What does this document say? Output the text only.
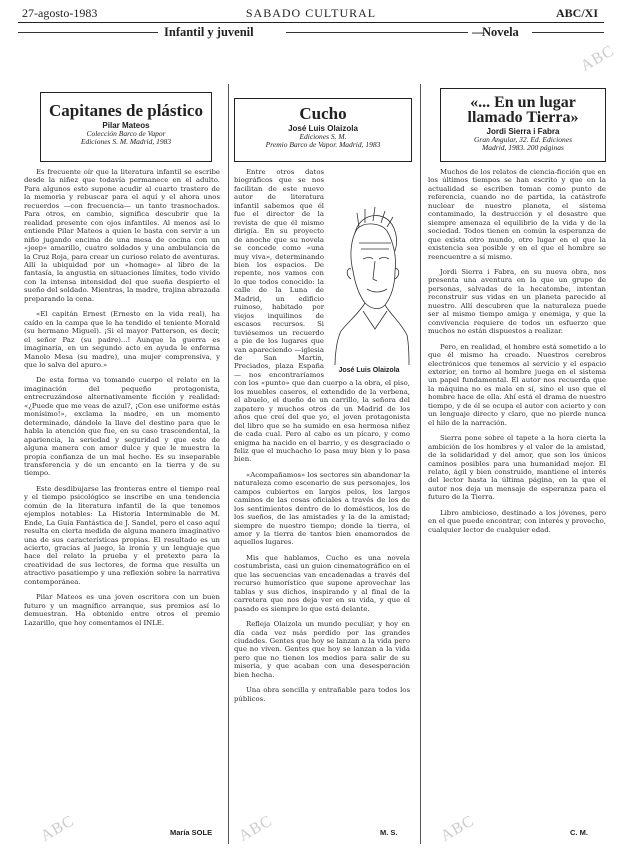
27-agosto-1983	SABADO CULTURAL	ABC/XI
Infantil y juvenil	—
Novela
Capitanes de plástico
Pilar Mateos
Colección Barco de Vapor
Ediciones S. M. Madrid, 1983
Cucho
José Luis Olaizola
Ediciones S. M.
Premio Barco de Vapor. Madrid, 1983
«... En un lugar llamado Tierra»
Jordi Sierra i Fabra
Gran Angular, 32. Ed. Ediciones
Madrid, 1983. 200 páginas

Es frecuente oír que la literatura infantil se escribe desde la niñez que todavía permanece en el adulto. Para algunos esto supone acudir al cuarto trastero de la memoria y rebuscar para el aquí y el ahora unos recuerdos —con frecuencia— un tanto trasnochados. Para otros, en cambio, significa descubrir que la realidad presente con ojos infantiles. Al menos así lo entiende Pilar Mateos a quien le basta con servir a un niño jugando encima de una mesa de cocina con un «jeep» amarillo, cuatro soldados y una ambulancia de la Cruz Roja, para crear un curioso relato de aventuras. Allí la ubiquidad por un «homage» al libro de la fantasía, la angustia en situaciones límites, todo vivido con la intensa intensidad del que sueña despierto el sueño del soldado. Mientras, la madre, trajina abrazada preparando la cena.

«El capitán Ernest (Ernesto en la vida real), ha caído en la campa que le ha tendido el teniente Morald (su hermano Miguel). ¡Si el mayor Patterson, es decir, el señor Paz (su padre)...! Aunque la guerra es imaginaria, en un segundo acto en ayuda le enferma Manolo Mesa (su madre), una mujer comprensiva, y que lo salva del apuro.»

De esta forma va tomando cuerpo el relato en la imaginación del pequeño protagonista, entrecruzándose alternativamente ficción y realidad: «¿Puede que me veas de azul?, ¡Con ese uniforme estás monísimo!», exclama la madre, en un momento determinado, dándole la llave del destino para que le habla la atención que fue, en su caso trascendental, la apariencia, la seriedad y seguridad y que este de alguna manera con amor dulce y que le muestra la propia confianza de un mal hecho. Es su inseparable transferencia y de un encanto en la tierra y de su tiempo.

Este desdibujarse las fronteras entre el tiempo real y el tiempo psicológico se inscribe en una tendencia común de la literatura infantil de la que tenemos ejemplos notables: La Historia Interminable de M. Ende, La Guía Fantástica de J. Sandel, pero el caso aquí resulta en cierta medida de alguna manera imaginativo una de sus características propias. El resultado es un acierto, gracias al juego, la ironía y un lenguaje que hace del relato la prueba y el pretexto para la creatividad de sus lectores, de forma que resulta un atractivo pasatiempo y una reflexión sobre la narrativa contemporánea.

Pilar Mateos es una joven escritora con un buen futuro y un magnífico arranque, sus premios así lo demuestran. Ha obtenido entre otros el premio Lazarillo, que hoy comentamos el INLE.

María SOLE

Entre otros datos biográficos que se nos facilitan de este nuevo autor de literatura infantil sabemos que él fue el director de la revista de que él mismo dirigía. En su proyecto de anoche que su novela se concede como «una muy viva», determinando bien los espacios. De repente, nos vamos con lo que todos conocido: la calle de la Luna de Madrid, un edificio ruinoso, habitado por viejos inquilinos de escasos recursos. Si tuviésemos un recuerdo a pie de los lugares que van apareciendo —iglesia de San Martín, Preciados, plaza España— nos encontraríamos con los «punto» que dan cuerpo a la obra, el piso, los muebles caseros, el extendido de la verbena, el abuelo, el dueño de un carrillo, la señora del zapatero y muchos otros de un Madrid de los años que creí del que yo, el joven protagonista del libro que se ha sumido en esa hermosa niñez de cada cual. Pero al cabo es un pícaro, y como enigma ha nacido en el barrio, y es desgraciado o feliz que el muchacho lo pasa muy bien y lo pasa bien.

«Acompañamos» los sectores sin abandonar la naturaleza como escenario de sus personajes, los campos cubiertos en largos pelos, los largos caminos de las cosas oficiales a través de los de los sentimientos dentro de lo domésticos, los de los sueños, de las amistades y la de la amistad; siempre de nuestro tiempo; donde la tierra, el amor y la tierra de tantos bien enamorados de aquellos lugares.

Mis que hablamos, Cucho es una novela costumbrista, casi un guion cinematográfico en el que las secuencias van encadenadas a través del recurso humorístico que supone aprovechar las tablas y sus dichos, inspirando y al final de la carretera que nos deja ver en su vida, y que el pasado es siempre lo que está delante.

Refleja Olaizola un mundo peculiar, y hoy en día cada vez más perdido por las grandes ciudades. Gentes que hoy se lanzan a la vida pero que no viven. Gentes que hoy se lanzan a la vida pero que no tienen los medios para salir de su miseria, y que acaban con una desesperación bien hecha.

Una obra sencilla y entrañable para todos los públicos.

M. S.
José Luis Olaizola

Muchos de los relatos de ciencia-ficción que en los últimos tiempos se han escrito y que en la actualidad se escriben toman como punto de referencia, cuando no de partida, la catástrofe nuclear de nuestro planeta, el sistema contaminado, la destrucción y el desastre que siempre amenaza el equilibrio de la vida y de la sociedad. Todos tienen en común la esperanza de que exista otro mundo, otro lugar en el que la existencia sea posible y en el que el hombre se reencuentre a sí mismo.

Jordi Sierra i Fabra, en su nueva obra, nos presenta una aventura en la que un grupo de personas, salvadas de la hecatombe, intentan reconstruir sus vidas en un planeta parecido al nuestro. Allí descubren que la naturaleza puede ser al mismo tiempo amiga y enemiga, y que la convivencia requiere de todos un esfuerzo que muchos no están dispuestos a realizar.

Pero, en realidad, el hombre está sometido a lo que él mismo ha creado. Nuestros cerebros electrónicos que tenemos al servicio y el espacio exterior, en torno al hombre juega en el sistema un papel fundamental. El autor nos recuerda que la máquina no es mala en sí, sino el uso que el hombre hace de ella. Ahí está el drama de nuestro tiempo, y de él se ocupa el autor con acierto y con un lenguaje directo y claro, que no pierde nunca el hilo de la narración.

Sierra pone sobre el tapete a la hora cierta la ambición de los hombres y el valor de la amistad, de la solidaridad y del amor, que son los únicos caminos posibles para una humanidad mejor. El relato, ágil y bien construido, mantiene el interés del lector hasta la última página, en la que el autor nos deja un mensaje de esperanza para el futuro de la Tierra.

Libro ambicioso, destinado a los jóvenes, pero en el que puede encontrar, con interés y provecho, cualquier lector de cualquier edad.

C. M.
ABC	ABC	ABC
ABC
